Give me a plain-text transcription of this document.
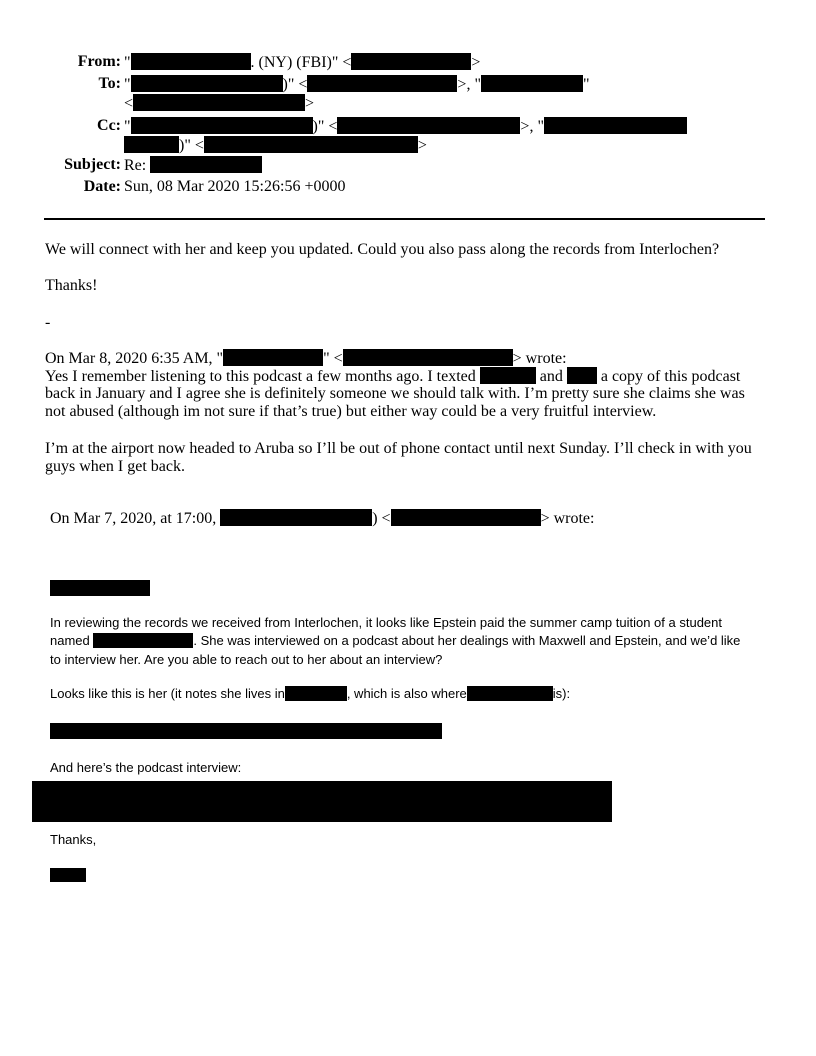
From: "	. (NY) (FBI)" <	>
To: "	)" <	>, "	"
<	>
Cc: "	)" <	>, "
)" <	>
Subject: Re:
Date: Sun, 08 Mar 2020 15:26:56 +0000
We will connect with her and keep you updated. Could you also pass along the records from Interlochen?
Thanks!
-
On Mar 8, 2020 6:35 AM, "	" <	> wrote:
Yes I remember listening to this podcast a few months ago. I texted	and a copy of this podcast
back in January and I agree she is definitely someone we should talk with. I’m pretty sure she claims she was
not abused (although im not sure if that’s true) but either way could be a very fruitful interview.
I’m at the airport now headed to Aruba so I’ll be out of phone contact until next Sunday. I’ll check in with you
guys when I get back.
On Mar 7, 2020, at 17:00,	) <	> wrote:
In reviewing the records we received from Interlochen, it looks like Epstein paid the summer camp tuition of a student
named	. She was interviewed on a podcast about her dealings with Maxwell and Epstein, and we’d like
to interview her. Are you able to reach out to her about an interview?
Looks like this is her (it notes she lives in	, which is also where	is):
And here’s the podcast interview:
Thanks,
